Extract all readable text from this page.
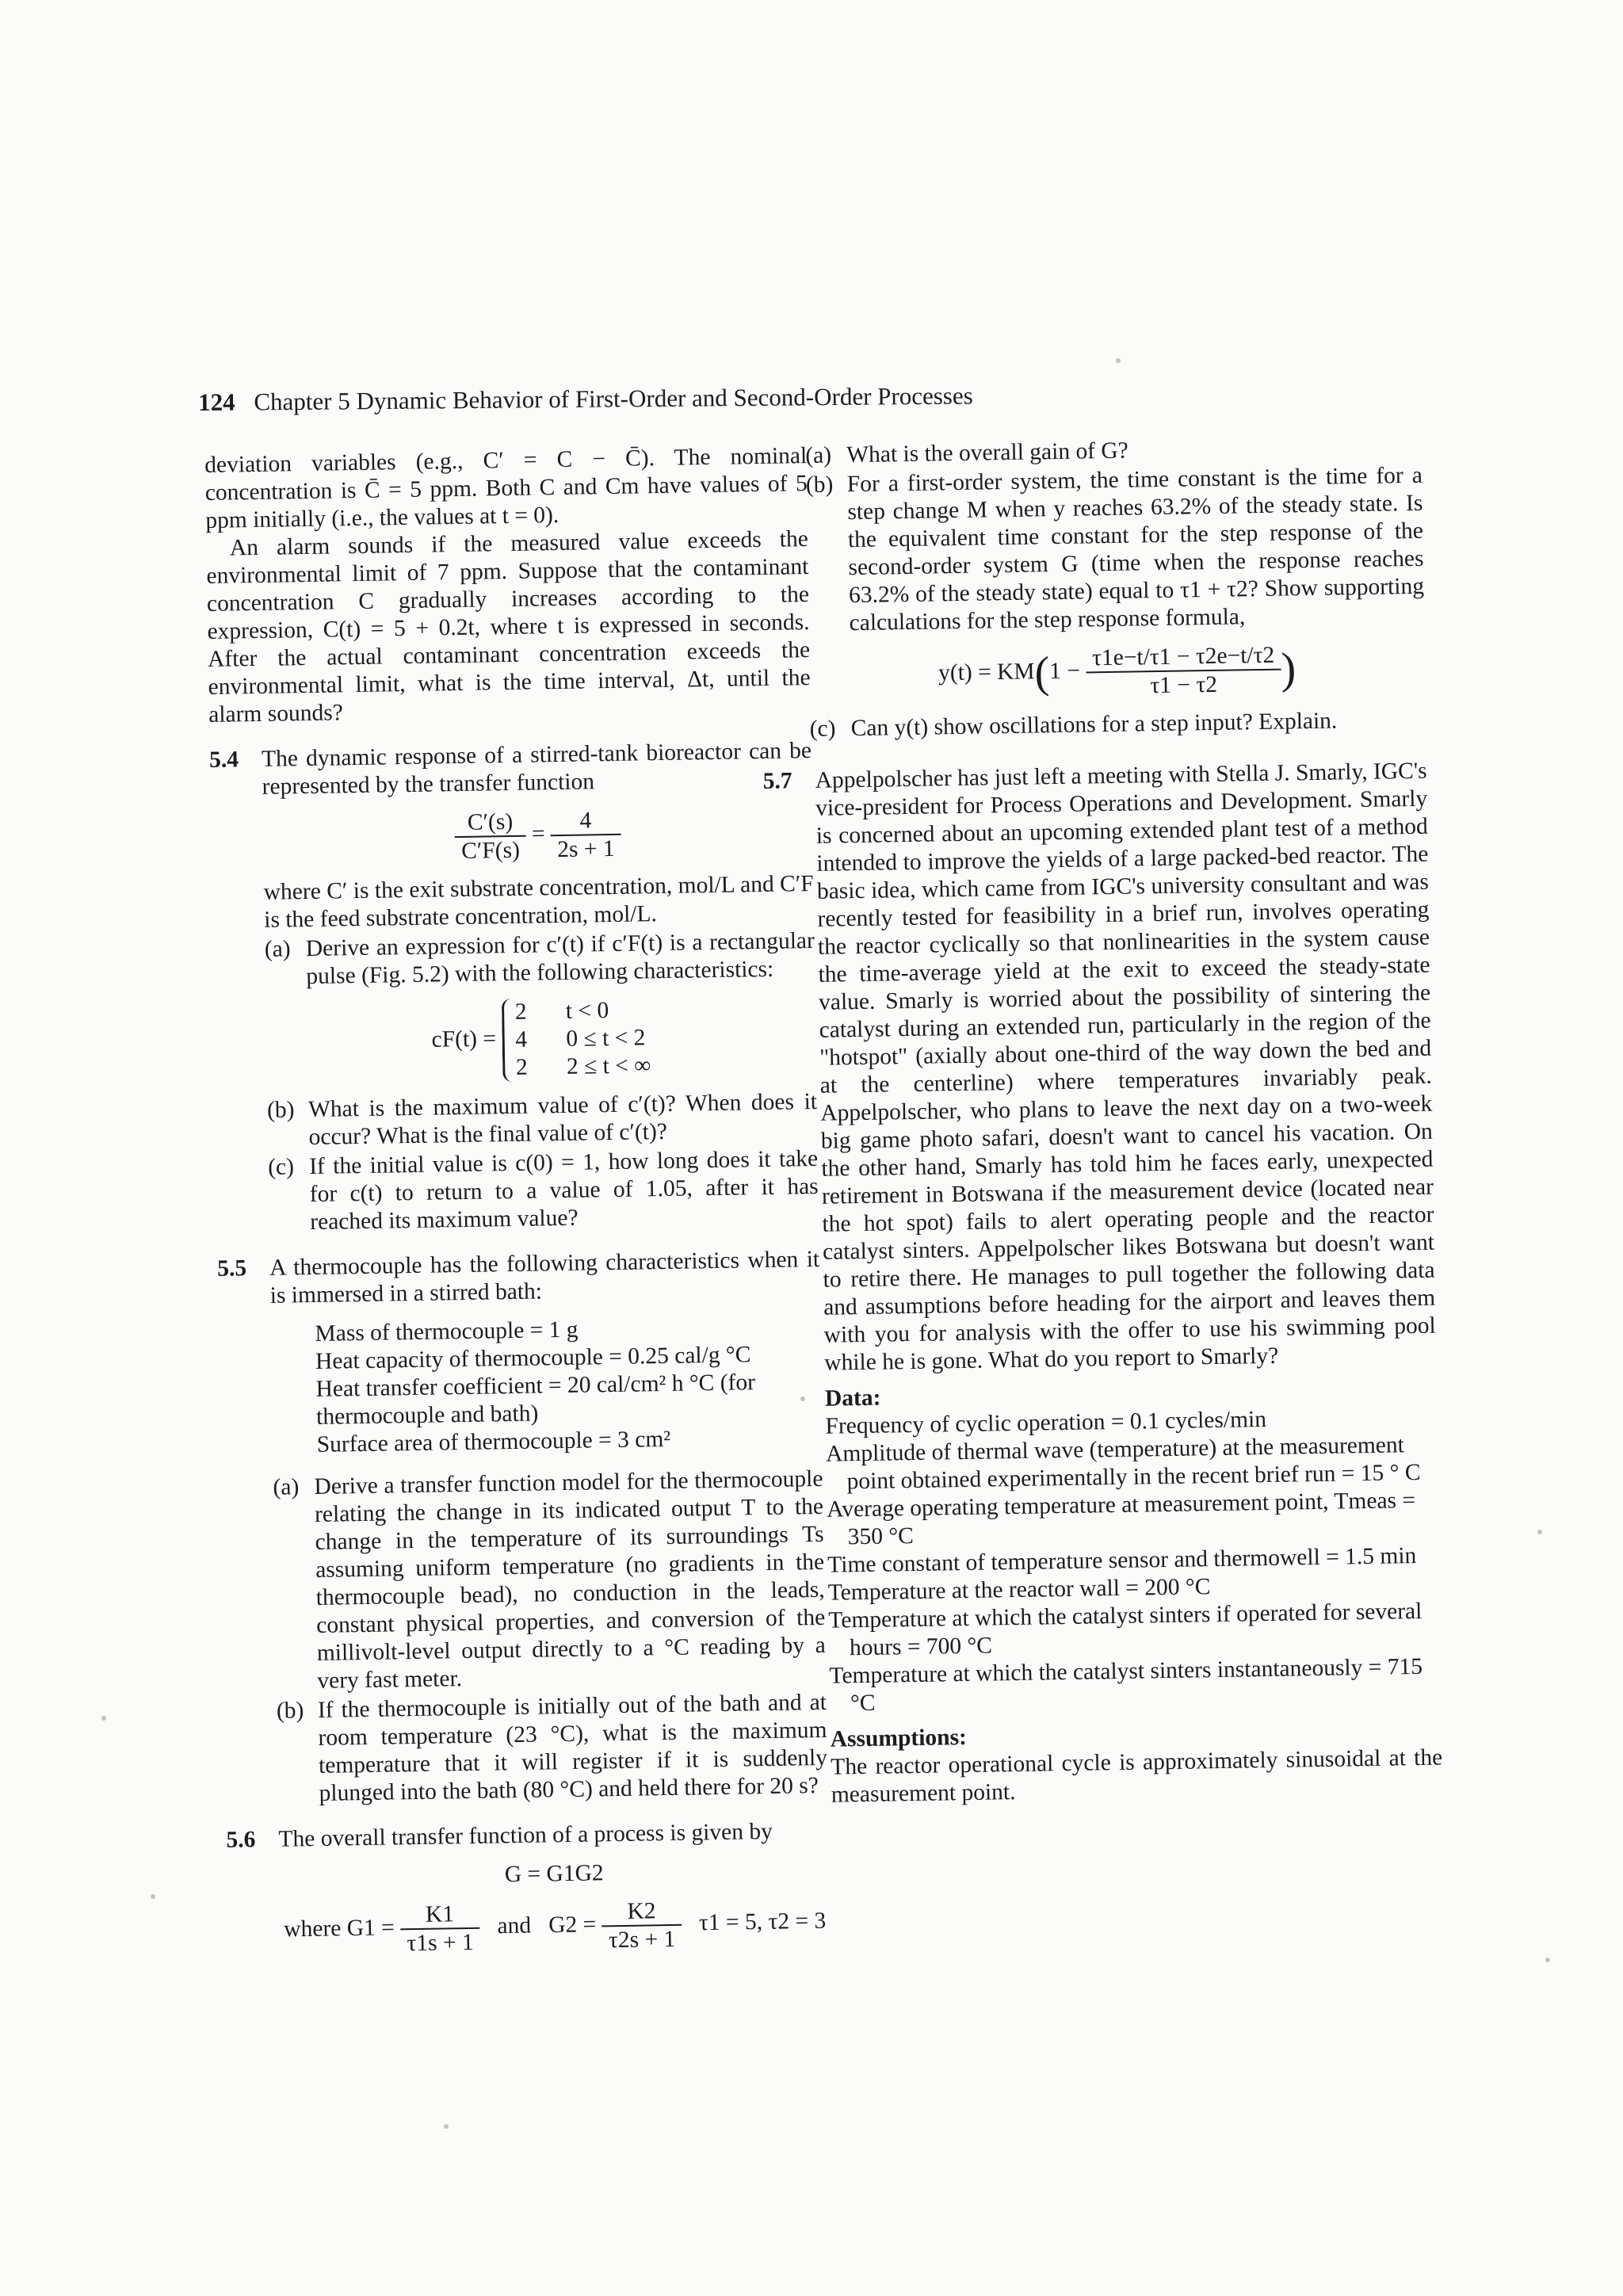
124 Chapter 5 Dynamic Behavior of First-Order and Second-Order Processes

deviation variables (e.g., C′ = C − C̄). The nominal concentration is C̄ = 5 ppm. Both C and Cm have values of 5 ppm initially (i.e., the values at t = 0).

An alarm sounds if the measured value exceeds the environmental limit of 7 ppm. Suppose that the contaminant concentration C gradually increases according to the expression, C(t) = 5 + 0.2t, where t is expressed in seconds. After the actual contaminant concentration exceeds the environmental limit, what is the time interval, Δt, until the alarm sounds?

5.4 The dynamic response of a stirred-tank bioreactor can be represented by the transfer function

$\frac{C'(s)}{C'F(s)} = \frac{4}{2s + 1}$

where C′ is the exit substrate concentration, mol/L and C′F is the feed substrate concentration, mol/L.

(a) Derive an expression for c′(t) if c′F(t) is a rectangular pulse (Fig. 5.2) with the following characteristics:

cF(t) =
2 t < 0
4 0 ≤ t < 2
2 2 ≤ t < ∞
(b) What is the maximum value of c′(t)? When does it occur? What is the final value of c′(t)?

(c) If the initial value is c(0) = 1, how long does it take for c(t) to return to a value of 1.05, after it has reached its maximum value?

5.5 A thermocouple has the following characteristics when it is immersed in a stirred bath:

Mass of thermocouple = 1 g
Heat capacity of thermocouple = 0.25 cal/g °C
Heat transfer coefficient = 20 cal/cm² h °C (for
thermocouple and bath)
Surface area of thermocouple = 3 cm²
(a) Derive a transfer function model for the thermocouple relating the change in its indicated output T to the change in the temperature of its surroundings Ts assuming uniform temperature (no gradients in the thermocouple bead), no conduction in the leads, constant physical properties, and conversion of the millivolt-level output directly to a °C reading by a very fast meter.

(b) If the thermocouple is initially out of the bath and at room temperature (23 °C), what is the maximum temperature that it will register if it is suddenly plunged into the bath (80 °C) and held there for 20 s?

5.6 The overall transfer function of a process is given by

G = G1G2
where $G1 = \frac{K1}{\tau 1s + 1}$ and $G2 = \frac{K2}{\tau 2s + 1} \tau 1 = 5$, τ2 = 3
(a) What is the overall gain of G?

(b) For a first-order system, the time constant is the time for a step change M when y reaches 63.2% of the steady state. Is the equivalent time constant for the step response of the second-order system G (time when the response reaches 63.2% of the steady state) equal to τ1 + τ2? Show supporting calculations for the step response formula,

$y(t) = KM(1 - \frac{\tau 1e-t/\tau 1 - \tau 2e-t/\tau 2}{\tau 1 - \tau 2}$
)
(c) Can y(t) show oscillations for a step input? Explain.

5.7 Appelpolscher has just left a meeting with Stella J. Smarly, IGC's vice-president for Process Operations and Development. Smarly is concerned about an upcoming extended plant test of a method intended to improve the yields of a large packed-bed reactor. The basic idea, which came from IGC's university consultant and was recently tested for feasibility in a brief run, involves operating the reactor cyclically so that nonlinearities in the system cause the time-average yield at the exit to exceed the steady-state value. Smarly is worried about the possibility of sintering the catalyst during an extended run, particularly in the region of the "hotspot" (axially about one-third of the way down the bed and at the centerline) where temperatures invariably peak. Appelpolscher, who plans to leave the next day on a two-week big game photo safari, doesn't want to cancel his vacation. On the other hand, Smarly has told him he faces early, unexpected retirement in Botswana if the measurement device (located near the hot spot) fails to alert operating people and the reactor catalyst sinters. Appelpolscher likes Botswana but doesn't want to retire there. He manages to pull together the following data and assumptions before heading for the airport and leaves them with you for analysis with the offer to use his swimming pool while he is gone. What do you report to Smarly?

Data:
Frequency of cyclic operation = 0.1 cycles/min
Amplitude of thermal wave (temperature) at the measurement point obtained experimentally in the recent brief run = 15 ° C
Average operating temperature at measurement point, Tmeas = 350 °C
Time constant of temperature sensor and thermowell = 1.5 min
Temperature at the reactor wall = 200 °C
Temperature at which the catalyst sinters if operated for several hours = 700 °C
Temperature at which the catalyst sinters instantaneously = 715 °C
Assumptions:

The reactor operational cycle is approximately sinusoidal at the measurement point.
